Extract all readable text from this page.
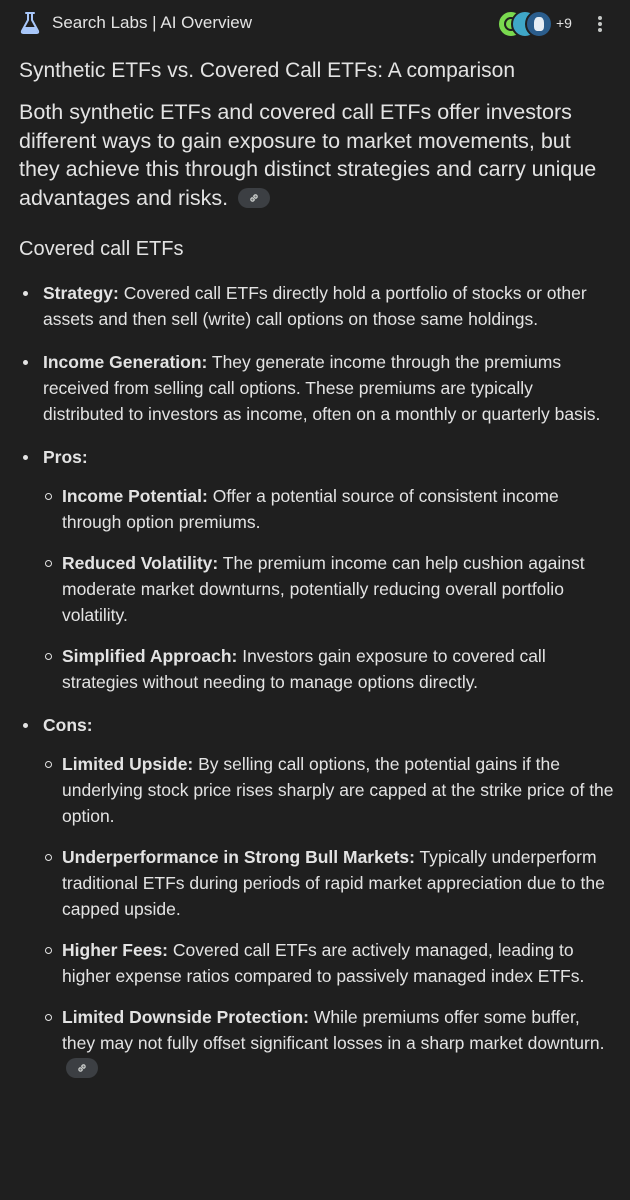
Search Labs | AI Overview	+9
Synthetic ETFs vs. Covered Call ETFs: A comparison

Both synthetic ETFs and covered call ETFs offer investors different ways to gain exposure to market movements, but they achieve this through distinct strategies and carry unique advantages and risks.

Covered call ETFs
Strategy: Covered call ETFs directly hold a portfolio of stocks or other assets and then sell (write) call options on those same holdings.
Income Generation: They generate income through the premiums received from selling call options. These premiums are typically distributed to investors as income, often on a monthly or quarterly basis.
Pros:
Income Potential: Offer a potential source of consistent income through option premiums.
Reduced Volatility: The premium income can help cushion against moderate market downturns, potentially reducing overall portfolio volatility.
Simplified Approach: Investors gain exposure to covered call strategies without needing to manage options directly.
Cons:
Limited Upside: By selling call options, the potential gains if the underlying stock price rises sharply are capped at the strike price of the option.
Underperformance in Strong Bull Markets: Typically underperform traditional ETFs during periods of rapid market appreciation due to the capped upside.
Higher Fees: Covered call ETFs are actively managed, leading to higher expense ratios compared to passively managed index ETFs.
Limited Downside Protection: While premiums offer some buffer, they may not fully offset significant losses in a sharp market downturn.
